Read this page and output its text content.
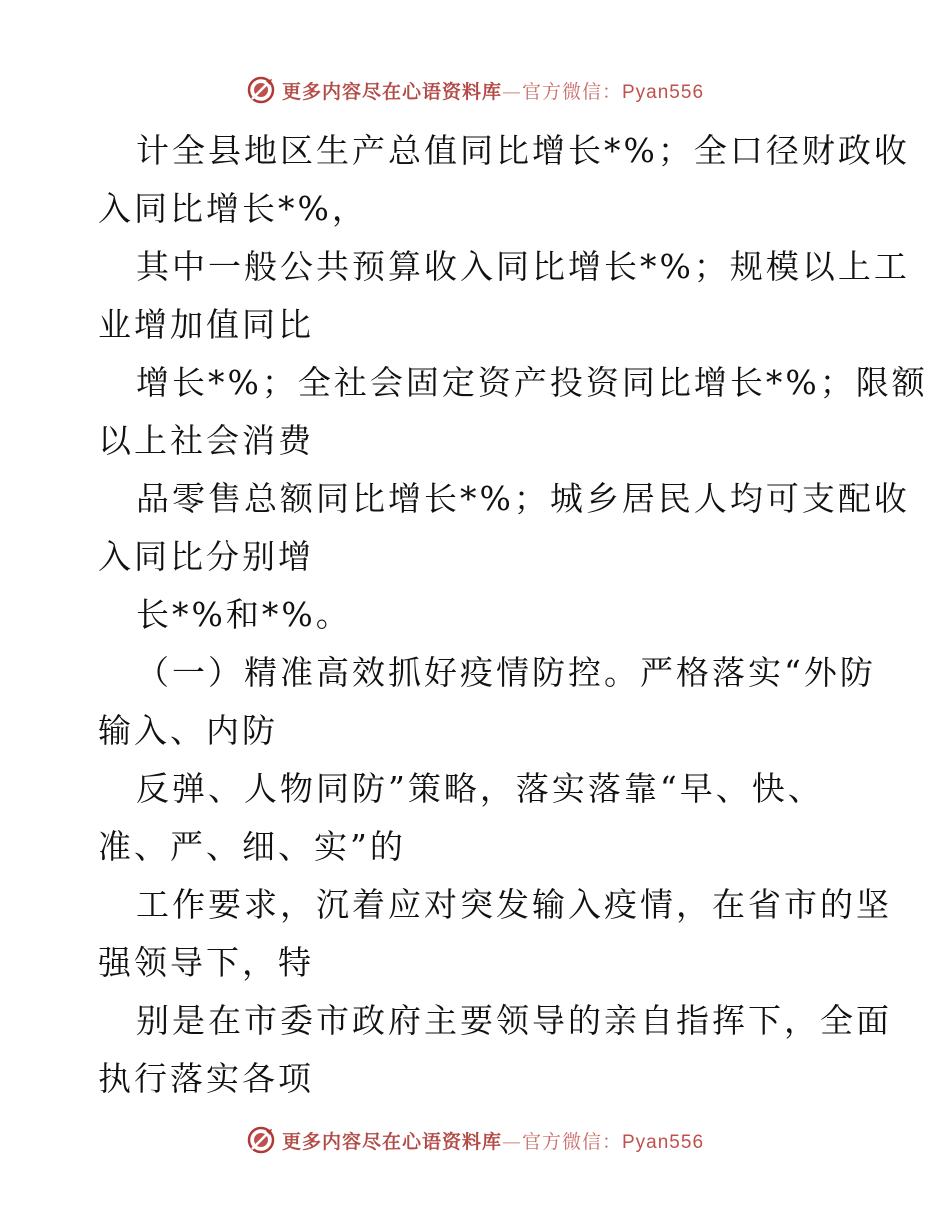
更多内容尽在心语资料库—官方微信：Pyan556
计全县地区生产总值同比增长*%；全口径财政收
入同比增长*%，
其中一般公共预算收入同比增长*%；规模以上工
业增加值同比
增长*%；全社会固定资产投资同比增长*%；限额
以上社会消费
品零售总额同比增长*%；城乡居民人均可支配收
入同比分别增
长*%和*%。
（一）精准高效抓好疫情防控。严格落实“外防
输入、内防
反弹、人物同防”策略，落实落靠“早、快、
准、严、细、实”的
工作要求，沉着应对突发输入疫情，在省市的坚
强领导下，特
别是在市委市政府主要领导的亲自指挥下，全面
执行落实各项
更多内容尽在心语资料库—官方微信：Pyan556
